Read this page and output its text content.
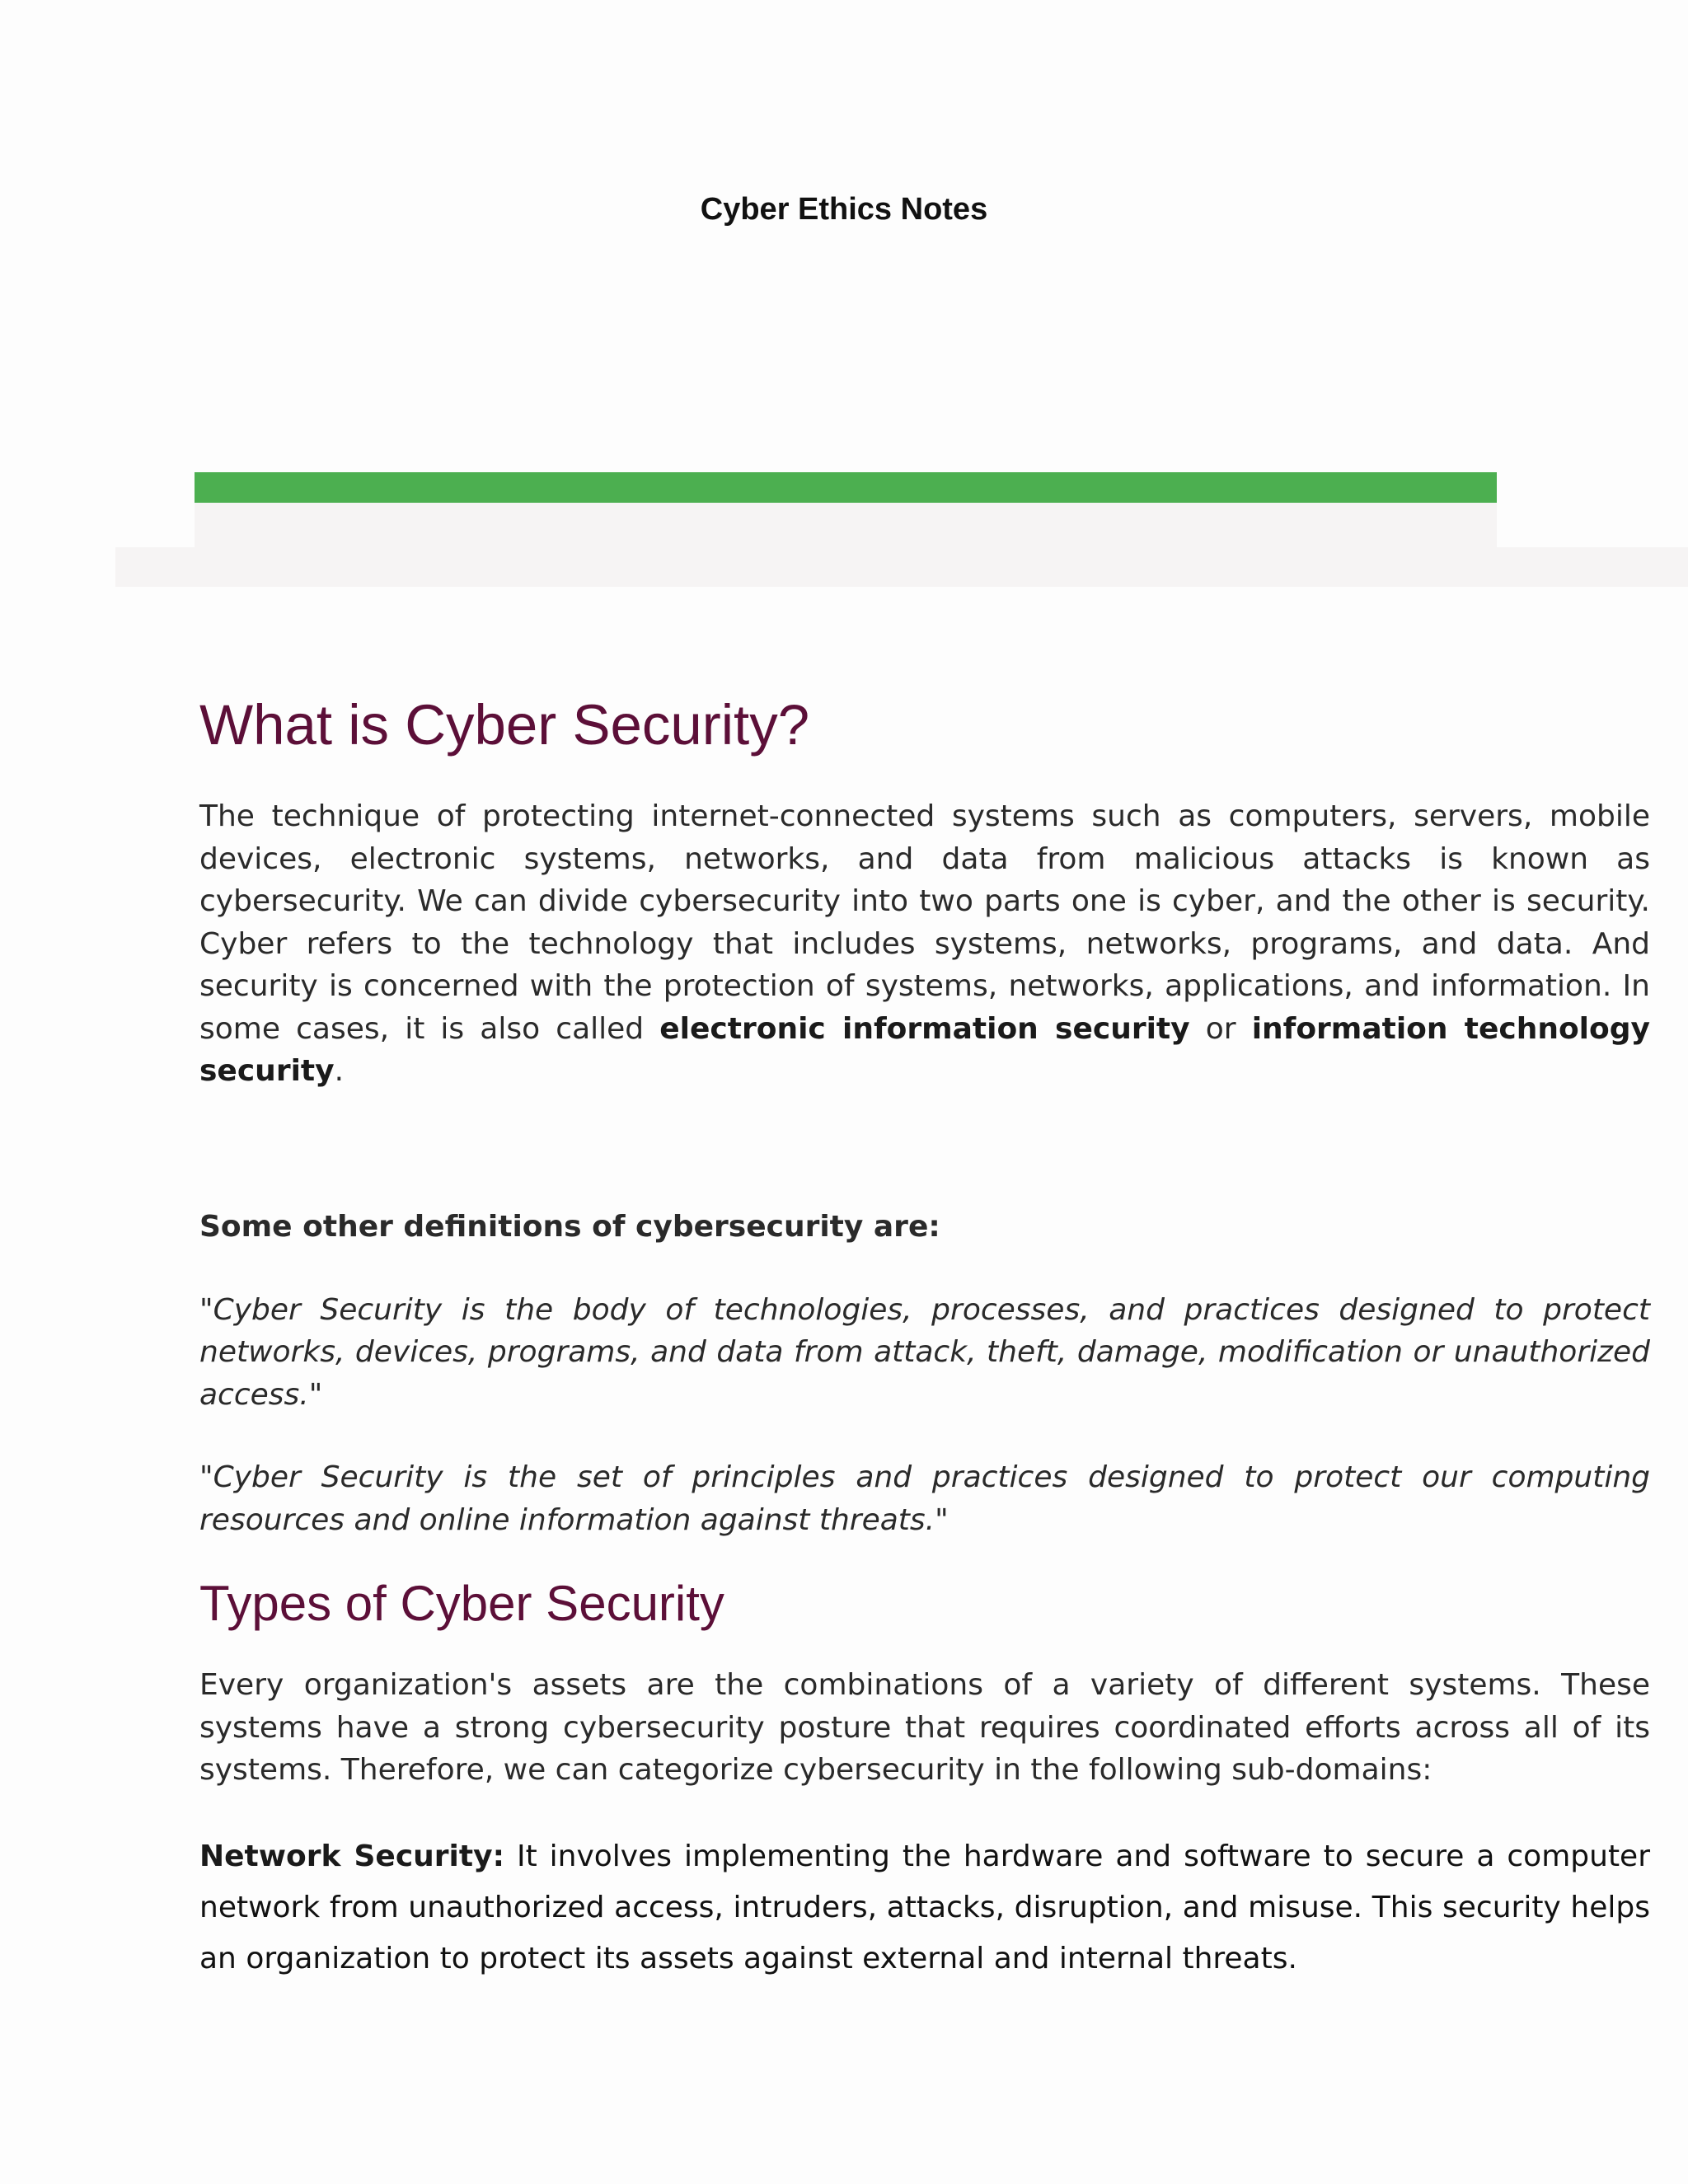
Cyber Ethics Notes
What is Cyber Security?

The technique of protecting internet-connected systems such as computers, servers, mobile devices, electronic systems, networks, and data from malicious attacks is known as cybersecurity. We can divide cybersecurity into two parts one is cyber, and the other is security. Cyber refers to the technology that includes systems, networks, programs, and data. And security is concerned with the protection of systems, networks, applications, and information. In some cases, it is also called electronic information security or information technology security.

Some other definitions of cybersecurity are:

"Cyber Security is the body of technologies, processes, and practices designed to protect networks, devices, programs, and data from attack, theft, damage, modification or unauthorized access."

"Cyber Security is the set of principles and practices designed to protect our computing resources and online information against threats."

Types of Cyber Security

Every organization's assets are the combinations of a variety of different systems. These systems have a strong cybersecurity posture that requires coordinated efforts across all of its systems. Therefore, we can categorize cybersecurity in the following sub-domains:

Network Security: It involves implementing the hardware and software to secure a computer network from unauthorized access, intruders, attacks, disruption, and misuse. This security helps an organization to protect its assets against external and internal threats.
